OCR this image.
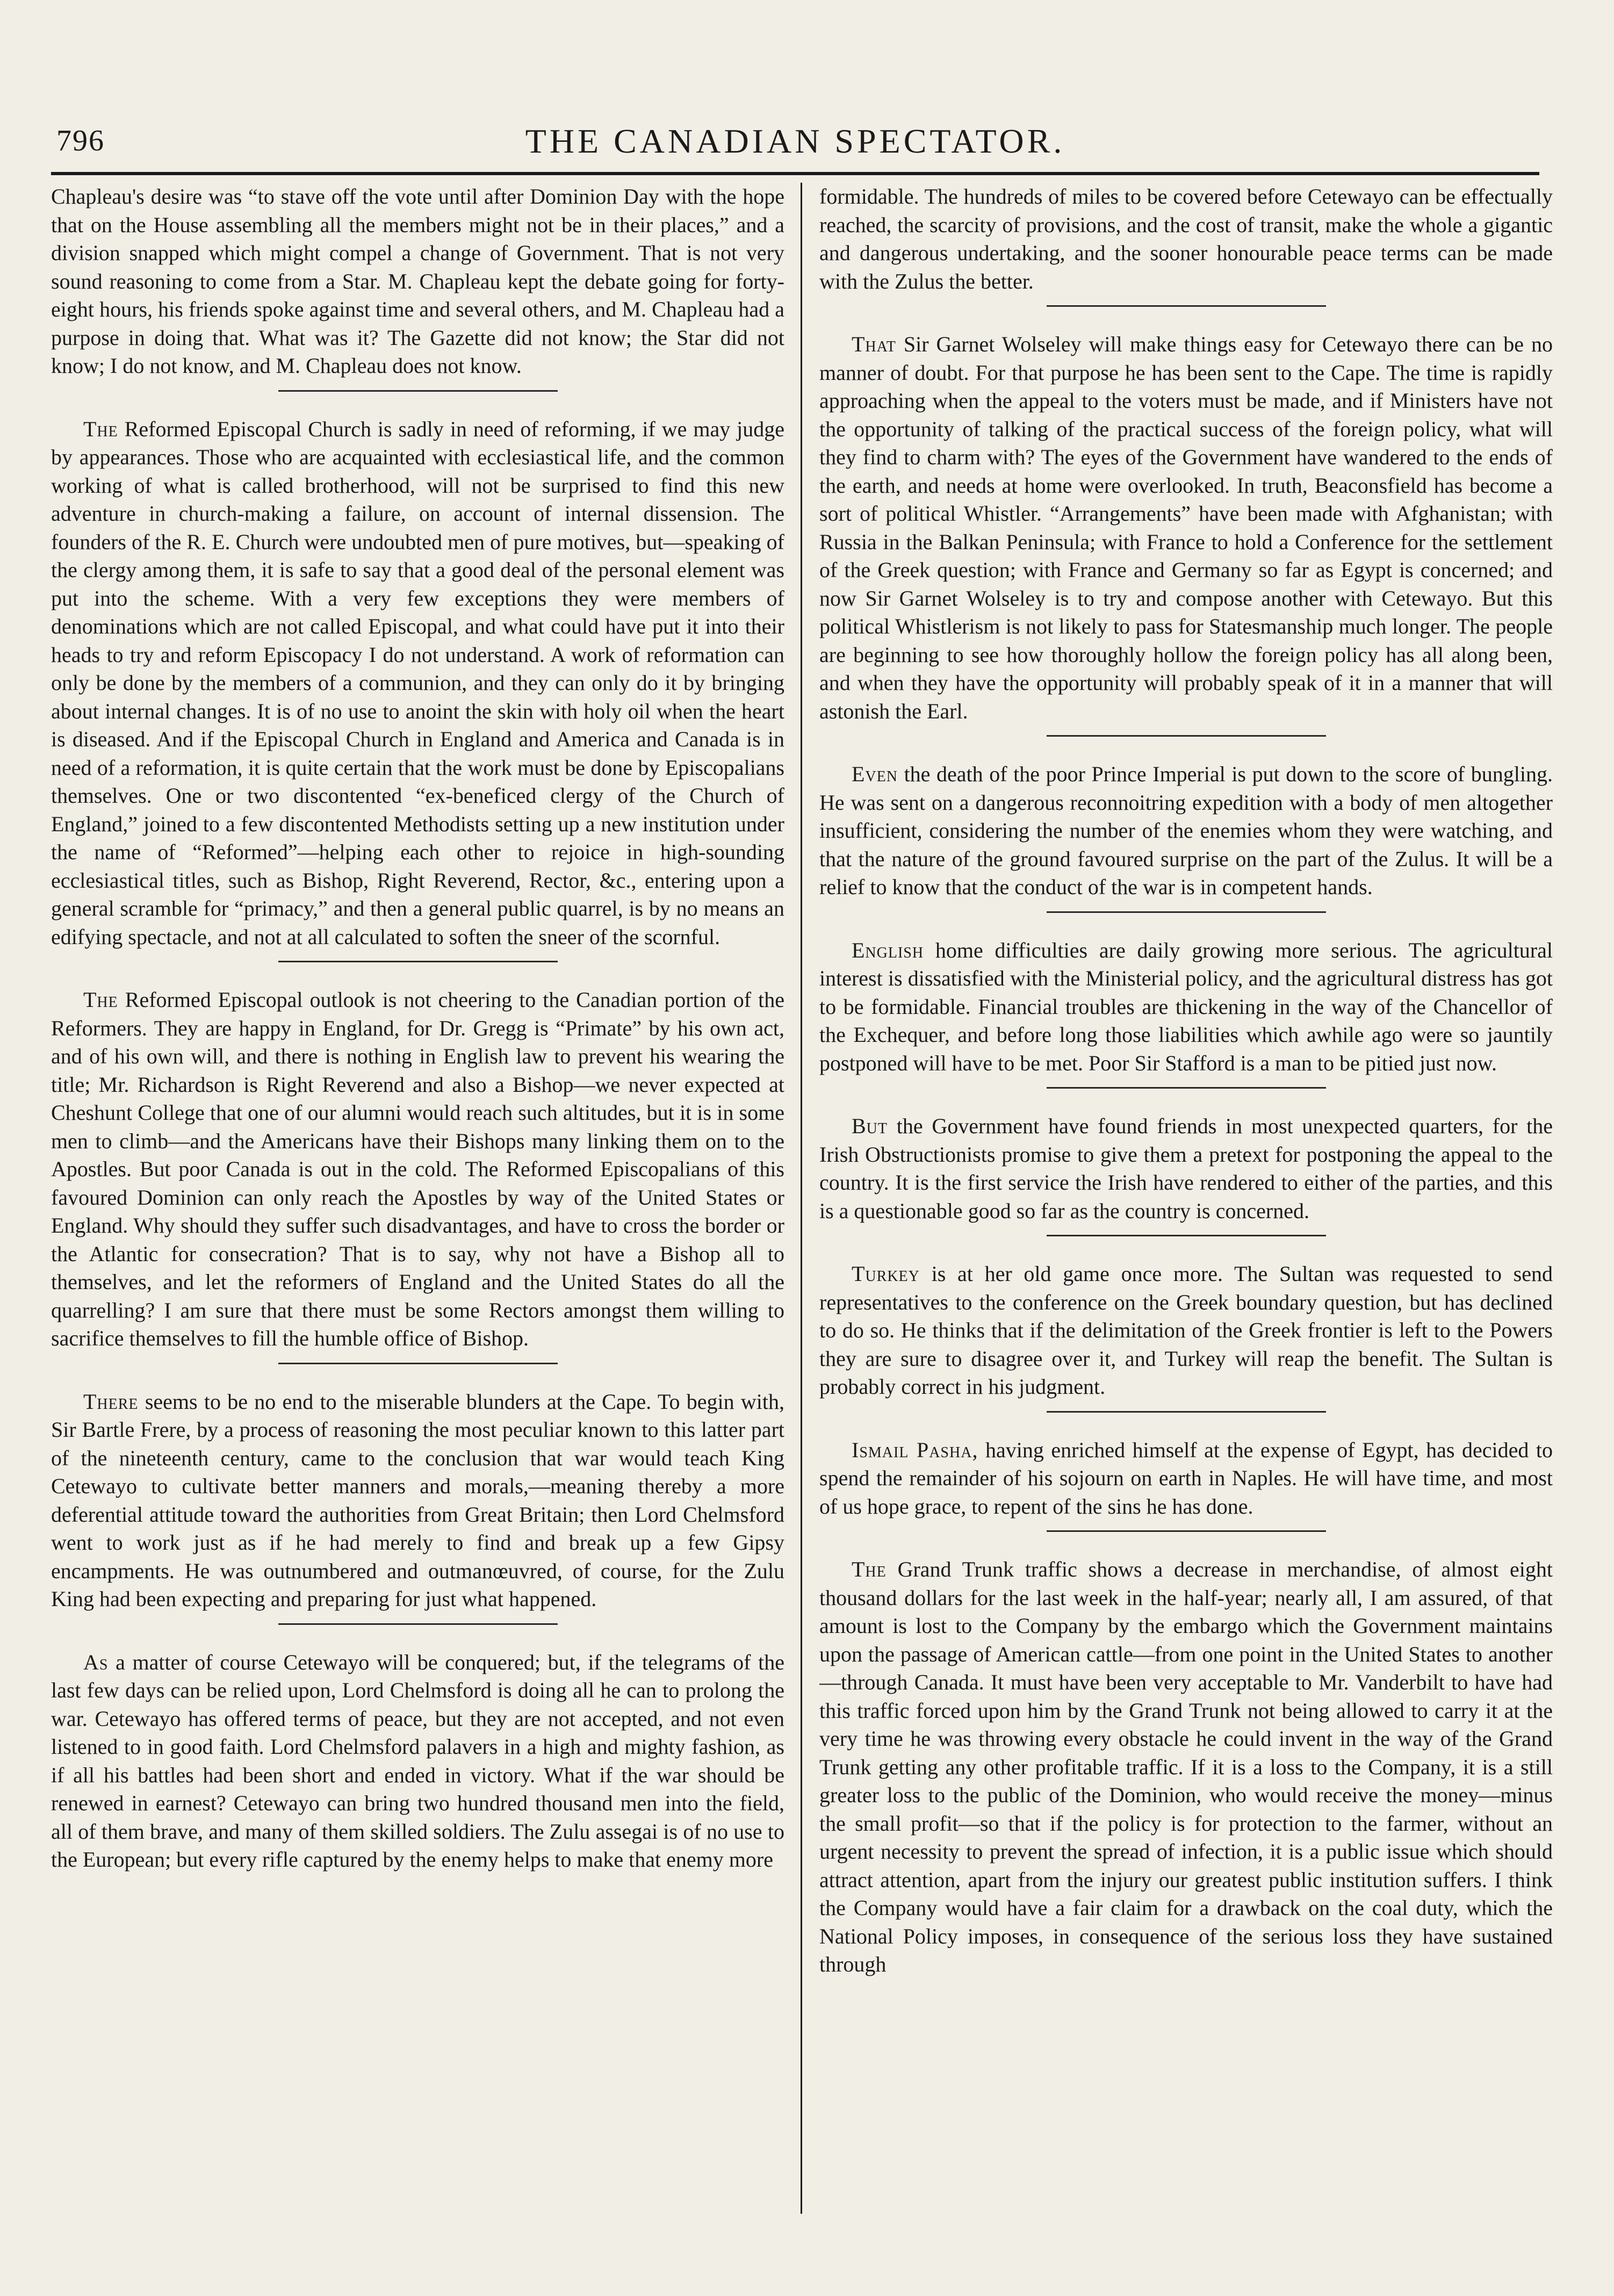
796	THE CANADIAN SPECTATOR.

Chapleau's desire was “to stave off the vote until after Dominion Day with the hope that on the House assembling all the members might not be in their places,” and a division snapped which might compel a change of Government. That is not very sound reasoning to come from a Star. M. Chapleau kept the debate going for forty-eight hours, his friends spoke against time and several others, and M. Chapleau had a purpose in doing that. What was it? The Gazette did not know; the Star did not know; I do not know, and M. Chapleau does not know.

The Reformed Episcopal Church is sadly in need of reforming, if we may judge by appearances. Those who are acquainted with ecclesiastical life, and the common working of what is called brotherhood, will not be surprised to find this new adventure in church-making a failure, on account of internal dissension. The founders of the R. E. Church were undoubted men of pure motives, but—speaking of the clergy among them, it is safe to say that a good deal of the personal element was put into the scheme. With a very few exceptions they were members of denominations which are not called Episcopal, and what could have put it into their heads to try and reform Episcopacy I do not understand. A work of reformation can only be done by the members of a communion, and they can only do it by bringing about internal changes. It is of no use to anoint the skin with holy oil when the heart is diseased. And if the Episcopal Church in England and America and Canada is in need of a reformation, it is quite certain that the work must be done by Episcopalians themselves. One or two discontented “ex-beneficed clergy of the Church of England,” joined to a few discontented Methodists setting up a new institution under the name of “Reformed”—helping each other to rejoice in high-sounding ecclesiastical titles, such as Bishop, Right Reverend, Rector, &c., entering upon a general scramble for “primacy,” and then a general public quarrel, is by no means an edifying spectacle, and not at all calculated to soften the sneer of the scornful.

The Reformed Episcopal outlook is not cheering to the Canadian portion of the Reformers. They are happy in England, for Dr. Gregg is “Primate” by his own act, and of his own will, and there is nothing in English law to prevent his wearing the title; Mr. Richardson is Right Reverend and also a Bishop—we never expected at Cheshunt College that one of our alumni would reach such altitudes, but it is in some men to climb—and the Americans have their Bishops many linking them on to the Apostles. But poor Canada is out in the cold. The Reformed Episcopalians of this favoured Dominion can only reach the Apostles by way of the United States or England. Why should they suffer such disadvantages, and have to cross the border or the Atlantic for consecration? That is to say, why not have a Bishop all to themselves, and let the reformers of England and the United States do all the quarrelling? I am sure that there must be some Rectors amongst them willing to sacrifice themselves to fill the humble office of Bishop.

There seems to be no end to the miserable blunders at the Cape. To begin with, Sir Bartle Frere, by a process of reasoning the most peculiar known to this latter part of the nineteenth century, came to the conclusion that war would teach King Cetewayo to cultivate better manners and morals,—meaning thereby a more deferential attitude toward the authorities from Great Britain; then Lord Chelmsford went to work just as if he had merely to find and break up a few Gipsy encampments. He was outnumbered and outmanœuvred, of course, for the Zulu King had been expecting and preparing for just what happened.

As a matter of course Cetewayo will be conquered; but, if the telegrams of the last few days can be relied upon, Lord Chelmsford is doing all he can to prolong the war. Cetewayo has offered terms of peace, but they are not accepted, and not even listened to in good faith. Lord Chelmsford palavers in a high and mighty fashion, as if all his battles had been short and ended in victory. What if the war should be renewed in earnest? Cetewayo can bring two hundred thousand men into the field, all of them brave, and many of them skilled soldiers. The Zulu assegai is of no use to the European; but every rifle captured by the enemy helps to make that enemy more

formidable. The hundreds of miles to be covered before Cetewayo can be effectually reached, the scarcity of provisions, and the cost of transit, make the whole a gigantic and dangerous undertaking, and the sooner honourable peace terms can be made with the Zulus the better.

That Sir Garnet Wolseley will make things easy for Cetewayo there can be no manner of doubt. For that purpose he has been sent to the Cape. The time is rapidly approaching when the appeal to the voters must be made, and if Ministers have not the opportunity of talking of the practical success of the foreign policy, what will they find to charm with? The eyes of the Government have wandered to the ends of the earth, and needs at home were overlooked. In truth, Beaconsfield has become a sort of political Whistler. “Arrangements” have been made with Afghanistan; with Russia in the Balkan Peninsula; with France to hold a Conference for the settlement of the Greek question; with France and Germany so far as Egypt is concerned; and now Sir Garnet Wolseley is to try and compose another with Cetewayo. But this political Whistlerism is not likely to pass for Statesmanship much longer. The people are beginning to see how thoroughly hollow the foreign policy has all along been, and when they have the opportunity will probably speak of it in a manner that will astonish the Earl.

Even the death of the poor Prince Imperial is put down to the score of bungling. He was sent on a dangerous reconnoitring expedition with a body of men altogether insufficient, considering the number of the enemies whom they were watching, and that the nature of the ground favoured surprise on the part of the Zulus. It will be a relief to know that the conduct of the war is in competent hands.

English home difficulties are daily growing more serious. The agricultural interest is dissatisfied with the Ministerial policy, and the agricultural distress has got to be formidable. Financial troubles are thickening in the way of the Chancellor of the Exchequer, and before long those liabilities which awhile ago were so jauntily postponed will have to be met. Poor Sir Stafford is a man to be pitied just now.

But the Government have found friends in most unexpected quarters, for the Irish Obstructionists promise to give them a pretext for postponing the appeal to the country. It is the first service the Irish have rendered to either of the parties, and this is a questionable good so far as the country is concerned.

Turkey is at her old game once more. The Sultan was requested to send representatives to the conference on the Greek boundary question, but has declined to do so. He thinks that if the delimitation of the Greek frontier is left to the Powers they are sure to disagree over it, and Turkey will reap the benefit. The Sultan is probably correct in his judgment.

Ismail Pasha, having enriched himself at the expense of Egypt, has decided to spend the remainder of his sojourn on earth in Naples. He will have time, and most of us hope grace, to repent of the sins he has done.

The Grand Trunk traffic shows a decrease in merchandise, of almost eight thousand dollars for the last week in the half-year; nearly all, I am assured, of that amount is lost to the Company by the embargo which the Government maintains upon the passage of American cattle—from one point in the United States to another—through Canada. It must have been very acceptable to Mr. Vanderbilt to have had this traffic forced upon him by the Grand Trunk not being allowed to carry it at the very time he was throwing every obstacle he could invent in the way of the Grand Trunk getting any other profitable traffic. If it is a loss to the Company, it is a still greater loss to the public of the Dominion, who would receive the money—minus the small profit—so that if the policy is for protection to the farmer, without an urgent necessity to prevent the spread of infection, it is a public issue which should attract attention, apart from the injury our greatest public institution suffers. I think the Company would have a fair claim for a drawback on the coal duty, which the National Policy imposes, in consequence of the serious loss they have sustained through
